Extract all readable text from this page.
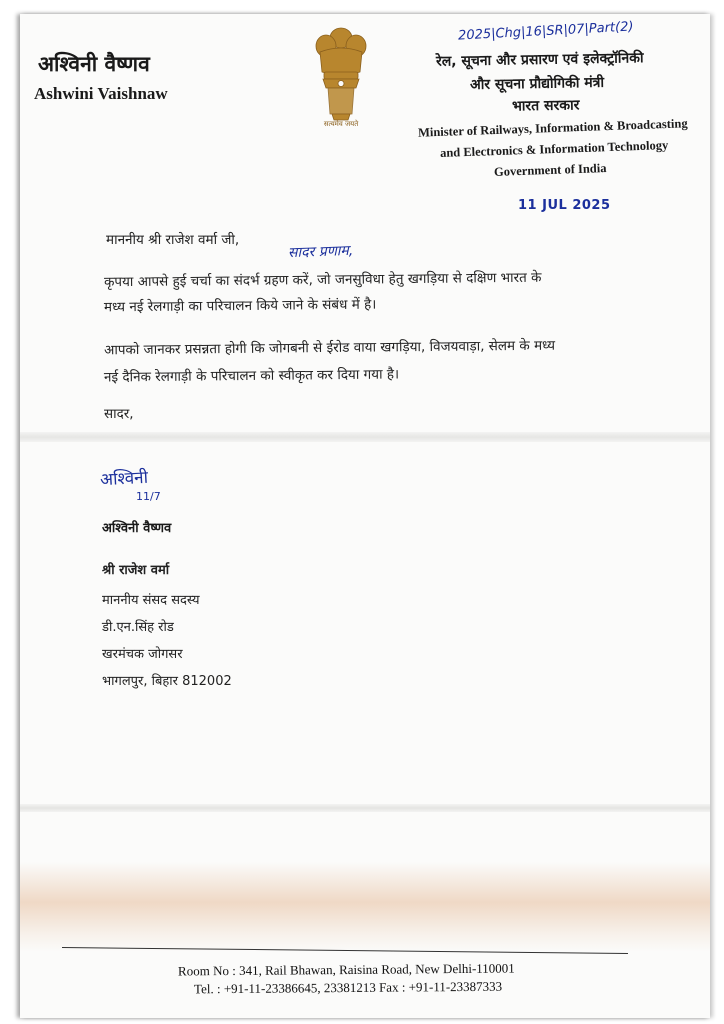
2025|Chg|16|SR|07|Part(2)
अश्विनी वैष्णव
Ashwini Vaishnaw
सत्यमेव जयते
रेल, सूचना और प्रसारण एवं इलेक्ट्रॉनिकी
और सूचना प्रौद्योगिकी मंत्री
भारत सरकार
Minister of Railways, Information & Broadcasting
and Electronics & Information Technology
Government of India
11 JUL 2025
माननीय श्री राजेश वर्मा जी,
सादर प्रणाम,
कृपया आपसे हुई चर्चा का संदर्भ ग्रहण करें, जो जनसुविधा हेतु खगड़िया से दक्षिण भारत के
मध्य नई रेलगाड़ी का परिचालन किये जाने के संबंध में है।
आपको जानकर प्रसन्नता होगी कि जोगबनी से ईरोड वाया खगड़िया, विजयवाड़ा, सेलम के मध्य
नई दैनिक रेलगाड़ी के परिचालन को स्वीकृत कर दिया गया है।
सादर,
अश्विनी
11/7
अश्विनी वैष्णव
श्री राजेश वर्मा
माननीय संसद सदस्य
डी.एन.सिंह रोड
खरमंचक जोगसर
भागलपुर, बिहार 812002
Room No : 341, Rail Bhawan, Raisina Road, New Delhi-110001
Tel. : +91-11-23386645, 23381213 Fax : +91-11-23387333
